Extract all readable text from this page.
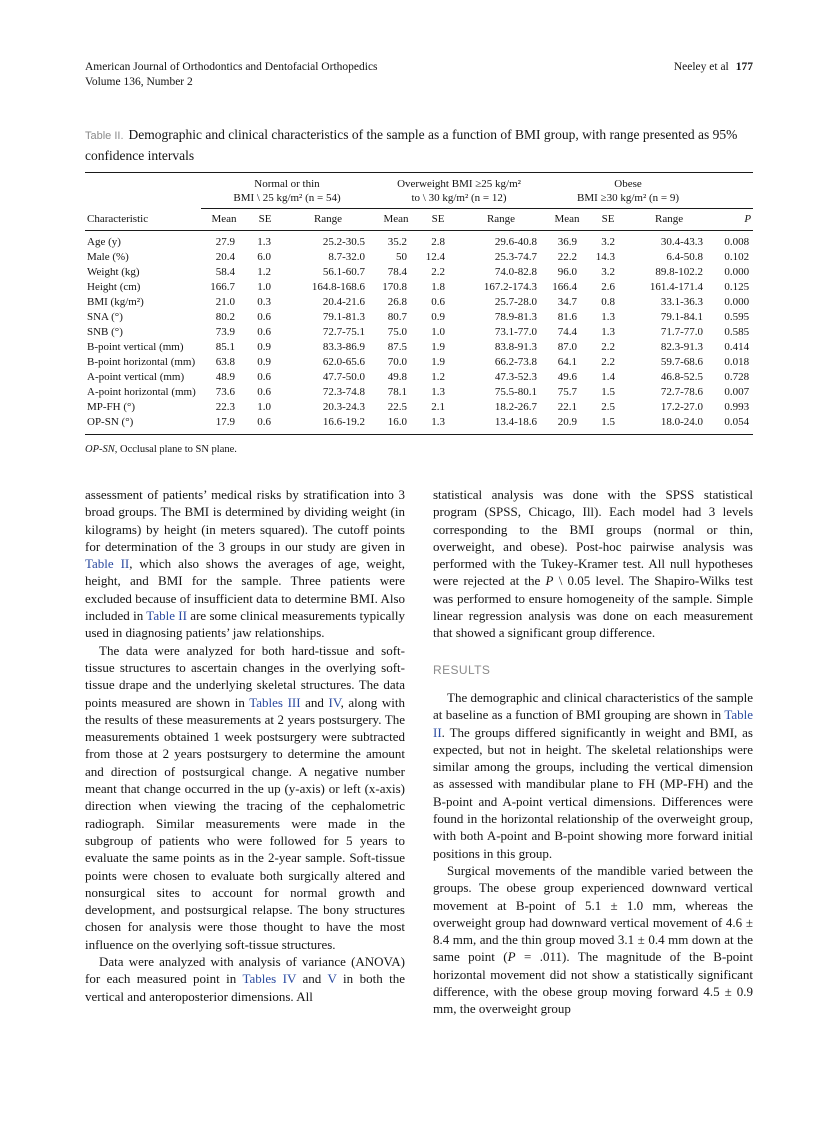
American Journal of Orthodontics and Dentofacial Orthopedics
Volume 136, Number 2
Neeley et al 177
Table II. Demographic and clinical characteristics of the sample as a function of BMI group, with range presented as 95% confidence intervals

Normal or thin
BMI \ 25 kg/m² (n = 54)

Overweight BMI ≥25 kg/m²
to \ 30 kg/m² (n = 12)

Obese
BMI ≥30 kg/m² (n = 9)

Characteristic	Mean	SE	Range	Mean	SE	Range	Mean	SE	Range	P
Age (y)	27.9	1.3	25.2-30.5	35.2	2.8	29.6-40.8	36.9	3.2	30.4-43.3	0.008
Male (%)	20.4	6.0	8.7-32.0	50	12.4	25.3-74.7	22.2	14.3	6.4-50.8	0.102
Weight (kg)	58.4	1.2	56.1-60.7	78.4	2.2	74.0-82.8	96.0	3.2	89.8-102.2	0.000
Height (cm)	166.7	1.0	164.8-168.6	170.8	1.8	167.2-174.3	166.4	2.6	161.4-171.4	0.125
BMI (kg/m²)	21.0	0.3	20.4-21.6	26.8	0.6	25.7-28.0	34.7	0.8	33.1-36.3	0.000
SNA (°)	80.2	0.6	79.1-81.3	80.7	0.9	78.9-81.3	81.6	1.3	79.1-84.1	0.595
SNB (°)	73.9	0.6	72.7-75.1	75.0	1.0	73.1-77.0	74.4	1.3	71.7-77.0	0.585
B-point vertical (mm)	85.1	0.9	83.3-86.9	87.5	1.9	83.8-91.3	87.0	2.2	82.3-91.3	0.414
B-point horizontal (mm)	63.8	0.9	62.0-65.6	70.0	1.9	66.2-73.8	64.1	2.2	59.7-68.6	0.018
A-point vertical (mm)	48.9	0.6	47.7-50.0	49.8	1.2	47.3-52.3	49.6	1.4	46.8-52.5	0.728
A-point horizontal (mm)	73.6	0.6	72.3-74.8	78.1	1.3	75.5-80.1	75.7	1.5	72.7-78.6	0.007
MP-FH (°)	22.3	1.0	20.3-24.3	22.5	2.1	18.2-26.7	22.1	2.5	17.2-27.0	0.993
OP-SN (°)	17.9	0.6	16.6-19.2	16.0	1.3	13.4-18.6	20.9	1.5	18.0-24.0	0.054
OP-SN, Occlusal plane to SN plane.

assessment of patients’ medical risks by stratification into 3 broad groups. The BMI is determined by dividing weight (in kilograms) by height (in meters squared). The cutoff points for determination of the 3 groups in our study are given in Table II, which also shows the averages of age, weight, height, and BMI for the sample. Three patients were excluded because of insufficient data to determine BMI. Also included in Table II are some clinical measurements typically used in diagnosing patients’ jaw relationships.

The data were analyzed for both hard-tissue and soft-tissue structures to ascertain changes in the overlying soft-tissue drape and the underlying skeletal structures. The data points measured are shown in Tables III and IV, along with the results of these measurements at 2 years postsurgery. The measurements obtained 1 week postsurgery were subtracted from those at 2 years postsurgery to determine the amount and direction of postsurgical change. A negative number meant that change occurred in the up (y-axis) or left (x-axis) direction when viewing the tracing of the cephalometric radiograph. Similar measurements were made in the subgroup of patients who were followed for 5 years to evaluate the same points as in the 2-year sample. Soft-tissue points were chosen to evaluate both surgically altered and nonsurgical sites to account for normal growth and development, and postsurgical relapse. The bony structures chosen for analysis were those thought to have the most influence on the overlying soft-tissue structures.

Data were analyzed with analysis of variance (ANOVA) for each measured point in Tables IV and V in both the vertical and anteroposterior dimensions. All

statistical analysis was done with the SPSS statistical program (SPSS, Chicago, Ill). Each model had 3 levels corresponding to the BMI groups (normal or thin, overweight, and obese). Post-hoc pairwise analysis was performed with the Tukey-Kramer test. All null hypotheses were rejected at the P \ 0.05 level. The Shapiro-Wilks test was performed to ensure homogeneity of the sample. Simple linear regression analysis was done on each measurement that showed a significant group difference.

RESULTS

The demographic and clinical characteristics of the sample at baseline as a function of BMI grouping are shown in Table II. The groups differed significantly in weight and BMI, as expected, but not in height. The skeletal relationships were similar among the groups, including the vertical dimension as assessed with mandibular plane to FH (MP-FH) and the B-point and A-point vertical dimensions. Differences were found in the horizontal relationship of the overweight group, with both A-point and B-point showing more forward initial positions in this group.

Surgical movements of the mandible varied between the groups. The obese group experienced downward vertical movement at B-point of 5.1 ± 1.0 mm, whereas the overweight group had downward vertical movement of 4.6 ± 8.4 mm, and the thin group moved 3.1 ± 0.4 mm down at the same point (P = .011). The magnitude of the B-point horizontal movement did not show a statistically significant difference, with the obese group moving forward 4.5 ± 0.9 mm, the overweight group
